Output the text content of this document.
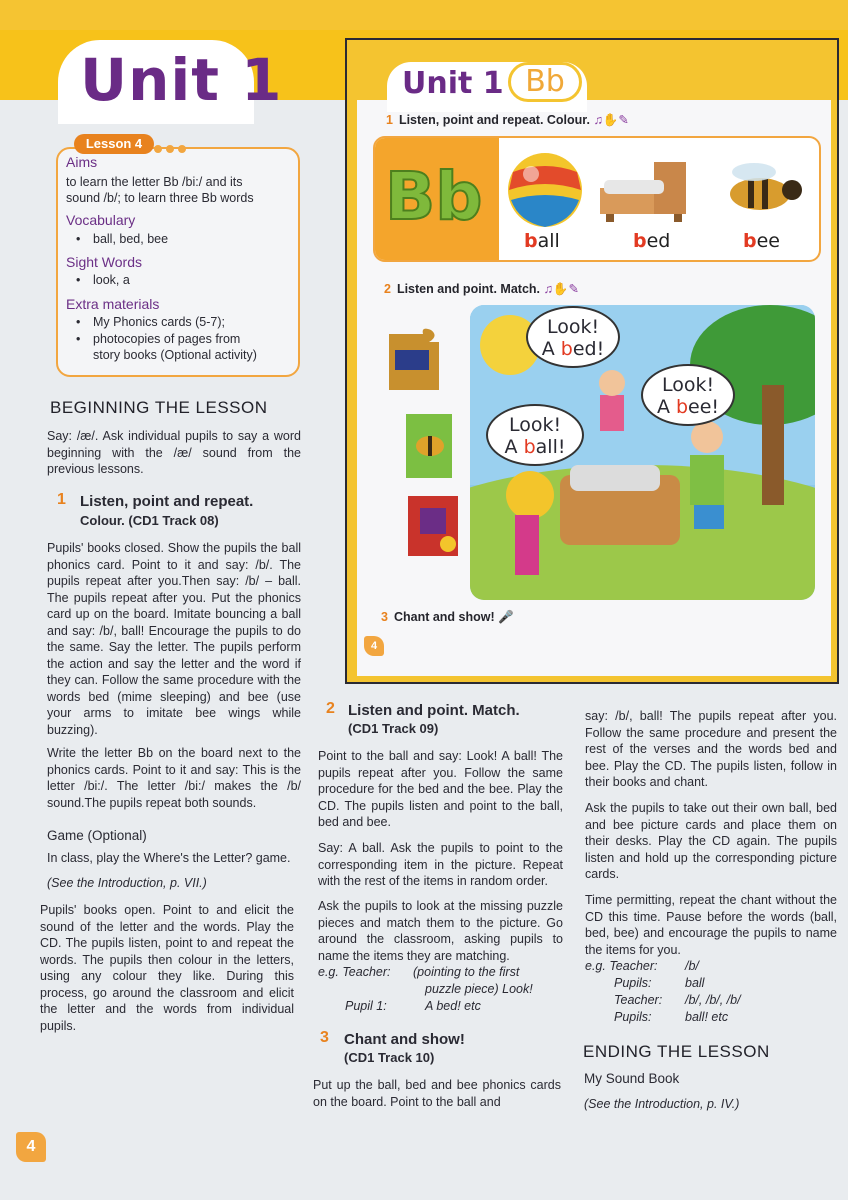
Unit 1
Lesson 4
Aims
to learn the letter Bb /bi:/ and its
sound /b/; to learn three Bb words
Vocabulary
• ball, bed, bee
Sight Words
• look, a
Extra materials
• My Phonics cards (5-7);
• photocopies of pages from
story books (Optional activity)
BEGINNING THE LESSON
Say: /æ/. Ask individual pupils to say a word beginning with the /æ/ sound from the previous lessons.
1 Listen, point and repeat.
Colour. (CD1 Track 08)
Pupils' books closed. Show the pupils the ball phonics card. Point to it and say: /b/. The pupils repeat after you.Then say: /b/ – ball. The pupils repeat after you. Put the phonics card up on the board. Imitate bouncing a ball and say: /b/, ball! Encourage the pupils to do the same. Say the letter. The pupils perform the action and say the letter and the word if they can. Follow the same procedure with the words bed (mime sleeping) and bee (use your arms to imitate bee wings while buzzing).
Write the letter Bb on the board next to the phonics cards. Point to it and say: This is the letter /bi:/. The letter /bi:/ makes the /b/ sound.The pupils repeat both sounds.
Game (Optional)
In class, play the Where's the Letter? game.
(See the Introduction, p. VII.)
Pupils' books open. Point to and elicit the sound of the letter and the words. Play the CD. The pupils listen, point to and repeat the words. The pupils then colour in the letters, using any colour they like. During this process, go around the classroom and elicit the letter and the words from individual pupils.
Unit 1 Bb
1 Listen, point and repeat. Colour. ♫✋✎
Bb
ball	bed	bee
2 Listen and point. Match. ♫✋✎
Look!
A bed!
Look!
A bee!
Look!
A ball!
3 Chant and show! 🎤
4
2 Listen and point. Match.
(CD1 Track 09)
Point to the ball and say: Look! A ball! The pupils repeat after you. Follow the same procedure for the bed and the bee. Play the CD. The pupils listen and point to the ball, bed and bee.
Say: A ball. Ask the pupils to point to the corresponding item in the picture. Repeat with the rest of the items in random order.
Ask the pupils to look at the missing puzzle pieces and match them to the picture. Go around the classroom, asking pupils to name the items they are matching.
e.g. Teacher: (pointing to the first
puzzle piece) Look!
Pupil 1:	A bed! etc
3 Chant and show!
(CD1 Track 10)
Put up the ball, bed and bee phonics cards on the board. Point to the ball and
say: /b/, ball! The pupils repeat after you. Follow the same procedure and present the rest of the verses and the words bed and bee. Play the CD. The pupils listen, follow in their books and chant.
Ask the pupils to take out their own ball, bed and bee picture cards and place them on their desks. Play the CD again. The pupils listen and hold up the corresponding picture cards.
Time permitting, repeat the chant without the CD this time. Pause before the words (ball, bed, bee) and encourage the pupils to name the items for you.
e.g. Teacher: /b/
Pupils:	ball
Teacher: /b/, /b/, /b/
Pupils:	ball! etc
ENDING THE LESSON
My Sound Book
(See the Introduction, p. IV.)
4
